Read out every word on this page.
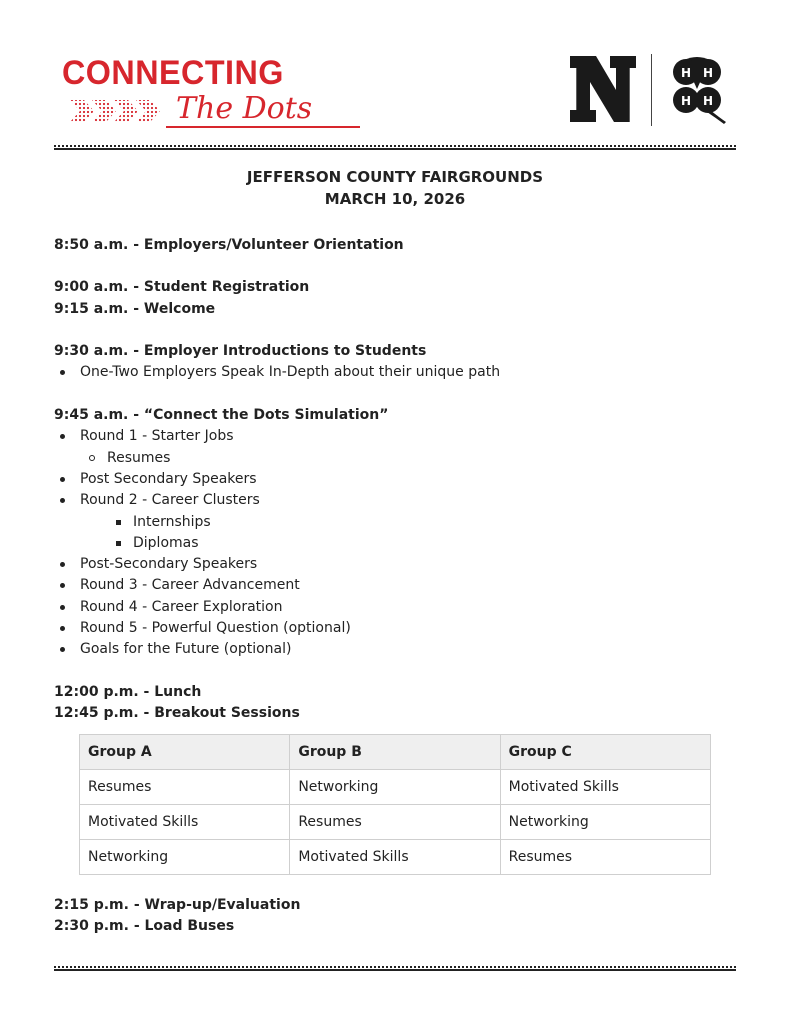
CONNECTING
The Dots
H H
H H
JEFFERSON COUNTY FAIRGROUNDS
MARCH 10, 2026
8:50 a.m. - Employers/Volunteer Orientation
9:00 a.m. - Student Registration
9:15 a.m. - Welcome
9:30 a.m. - Employer Introductions to Students
One-Two Employers Speak In-Depth about their unique path
9:45 a.m. - “Connect the Dots Simulation”
Round 1 - Starter Jobs
Resumes
Post Secondary Speakers
Round 2 - Career Clusters
Internships
Diplomas
Post-Secondary Speakers
Round 3 - Career Advancement
Round 4 - Career Exploration
Round 5 - Powerful Question (optional)
Goals for the Future (optional)
12:00 p.m. - Lunch
12:45 p.m. - Breakout Sessions
Group A	Group B	Group C
Resumes	Networking	Motivated Skills
Motivated Skills	Resumes	Networking
Networking	Motivated Skills	Resumes
2:15 p.m. - Wrap-up/Evaluation
2:30 p.m. - Load Buses
